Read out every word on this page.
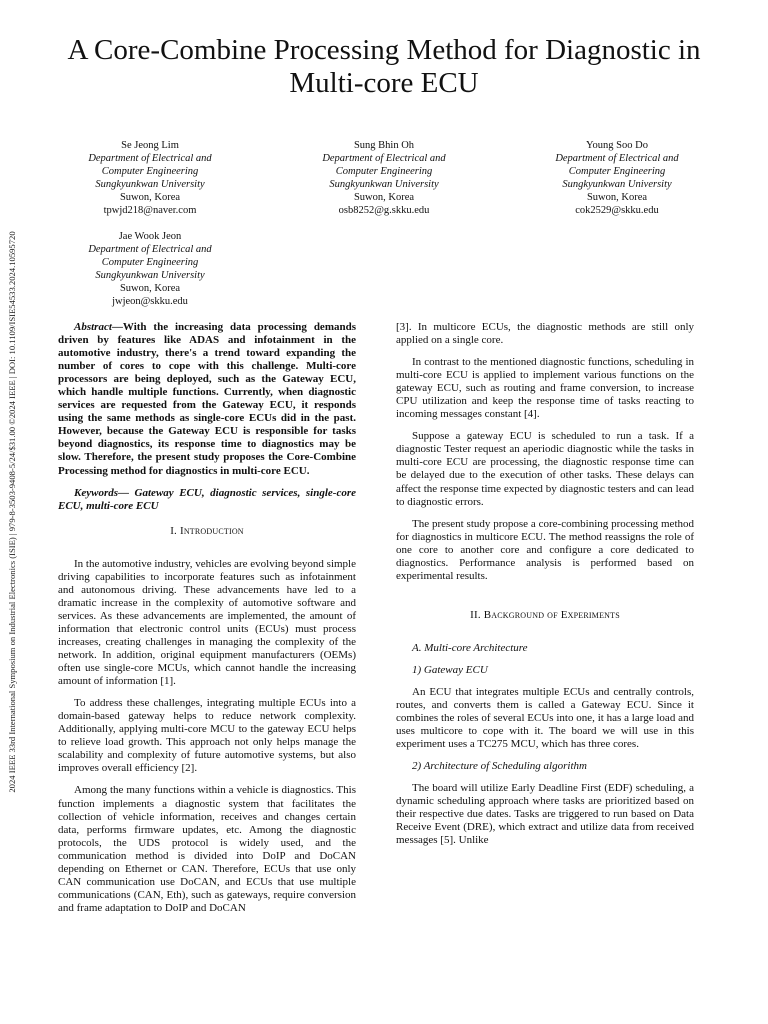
A Core-Combine Processing Method for Diagnostic in Multi-core ECU
2024 IEEE 33rd International Symposium on Industrial Electronics (ISIE) | 979-8-3503-9408-5/24/$31.00 ©2024 IEEE | DOI: 10.1109/ISIE54533.2024.10595720
Se Jeong Lim
Department of Electrical and
Computer Engineering
Sungkyunkwan University
Suwon, Korea
tpwjd218@naver.com
Sung Bhin Oh
Department of Electrical and
Computer Engineering
Sungkyunkwan University
Suwon, Korea
osb8252@g.skku.edu
Young Soo Do
Department of Electrical and
Computer Engineering
Sungkyunkwan University
Suwon, Korea
cok2529@skku.edu
Jae Wook Jeon
Department of Electrical and
Computer Engineering
Sungkyunkwan University
Suwon, Korea
jwjeon@skku.edu

Abstract—With the increasing data processing demands driven by features like ADAS and infotainment in the automotive industry, there's a trend toward expanding the number of cores to cope with this challenge. Multi-core processors are being deployed, such as the Gateway ECU, which handle multiple functions. Currently, when diagnostic services are requested from the Gateway ECU, it responds using the same methods as single-core ECUs did in the past. However, because the Gateway ECU is responsible for tasks beyond diagnostics, its response time to diagnostics may be slow. Therefore, the present study proposes the Core-Combine Processing method for diagnostics in multi-core ECU.

Keywords— Gateway ECU, diagnostic services, single-core ECU, multi-core ECU

I. Introduction

In the automotive industry, vehicles are evolving beyond simple driving capabilities to incorporate features such as infotainment and autonomous driving. These advancements have led to a dramatic increase in the complexity of automotive software and services. As these advancements are implemented, the amount of information that electronic control units (ECUs) must process increases, creating challenges in managing the complexity of the network. In addition, original equipment manufacturers (OEMs) often use single-core MCUs, which cannot handle the increasing amount of information [1].

To address these challenges, integrating multiple ECUs into a domain-based gateway helps to reduce network complexity. Additionally, applying multi-core MCU to the gateway ECU helps to relieve load growth. This approach not only helps manage the scalability and complexity of future automotive systems, but also improves overall efficiency [2].

Among the many functions within a vehicle is diagnostics. This function implements a diagnostic system that facilitates the collection of vehicle information, receives and changes certain data, performs firmware updates, etc. Among the diagnostic protocols, the UDS protocol is widely used, and the communication method is divided into DoIP and DoCAN depending on Ethernet or CAN. Therefore, ECUs that use only CAN communication use DoCAN, and ECUs that use multiple communications (CAN, Eth), such as gateways, require conversion and frame adaptation to DoIP and DoCAN

[3]. In multicore ECUs, the diagnostic methods are still only applied on a single core.

In contrast to the mentioned diagnostic functions, scheduling in multi-core ECU is applied to implement various functions on the gateway ECU, such as routing and frame conversion, to increase CPU utilization and keep the response time of tasks reacting to incoming messages constant [4].

Suppose a gateway ECU is scheduled to run a task. If a diagnostic Tester request an aperiodic diagnostic while the tasks in multi-core ECU are processing, the diagnostic response time can be delayed due to the execution of other tasks. These delays can affect the response time expected by diagnostic testers and can lead to diagnostic errors.

The present study propose a core-combining processing method for diagnostics in multicore ECU. The method reassigns the role of one core to another core and configure a core dedicated to diagnostics. Performance analysis is performed based on experimental results.

II. Background of Experiments

A. Multi-core Architecture

1) Gateway ECU

An ECU that integrates multiple ECUs and centrally controls, routes, and converts them is called a Gateway ECU. Since it combines the roles of several ECUs into one, it has a large load and uses multicore to cope with it. The board we will use in this experiment uses a TC275 MCU, which has three cores.

2) Architecture of Scheduling algorithm

The board will utilize Early Deadline First (EDF) scheduling, a dynamic scheduling approach where tasks are prioritized based on their respective due dates. Tasks are triggered to run based on Data Receive Event (DRE), which extract and utilize data from received messages [5]. Unlike
